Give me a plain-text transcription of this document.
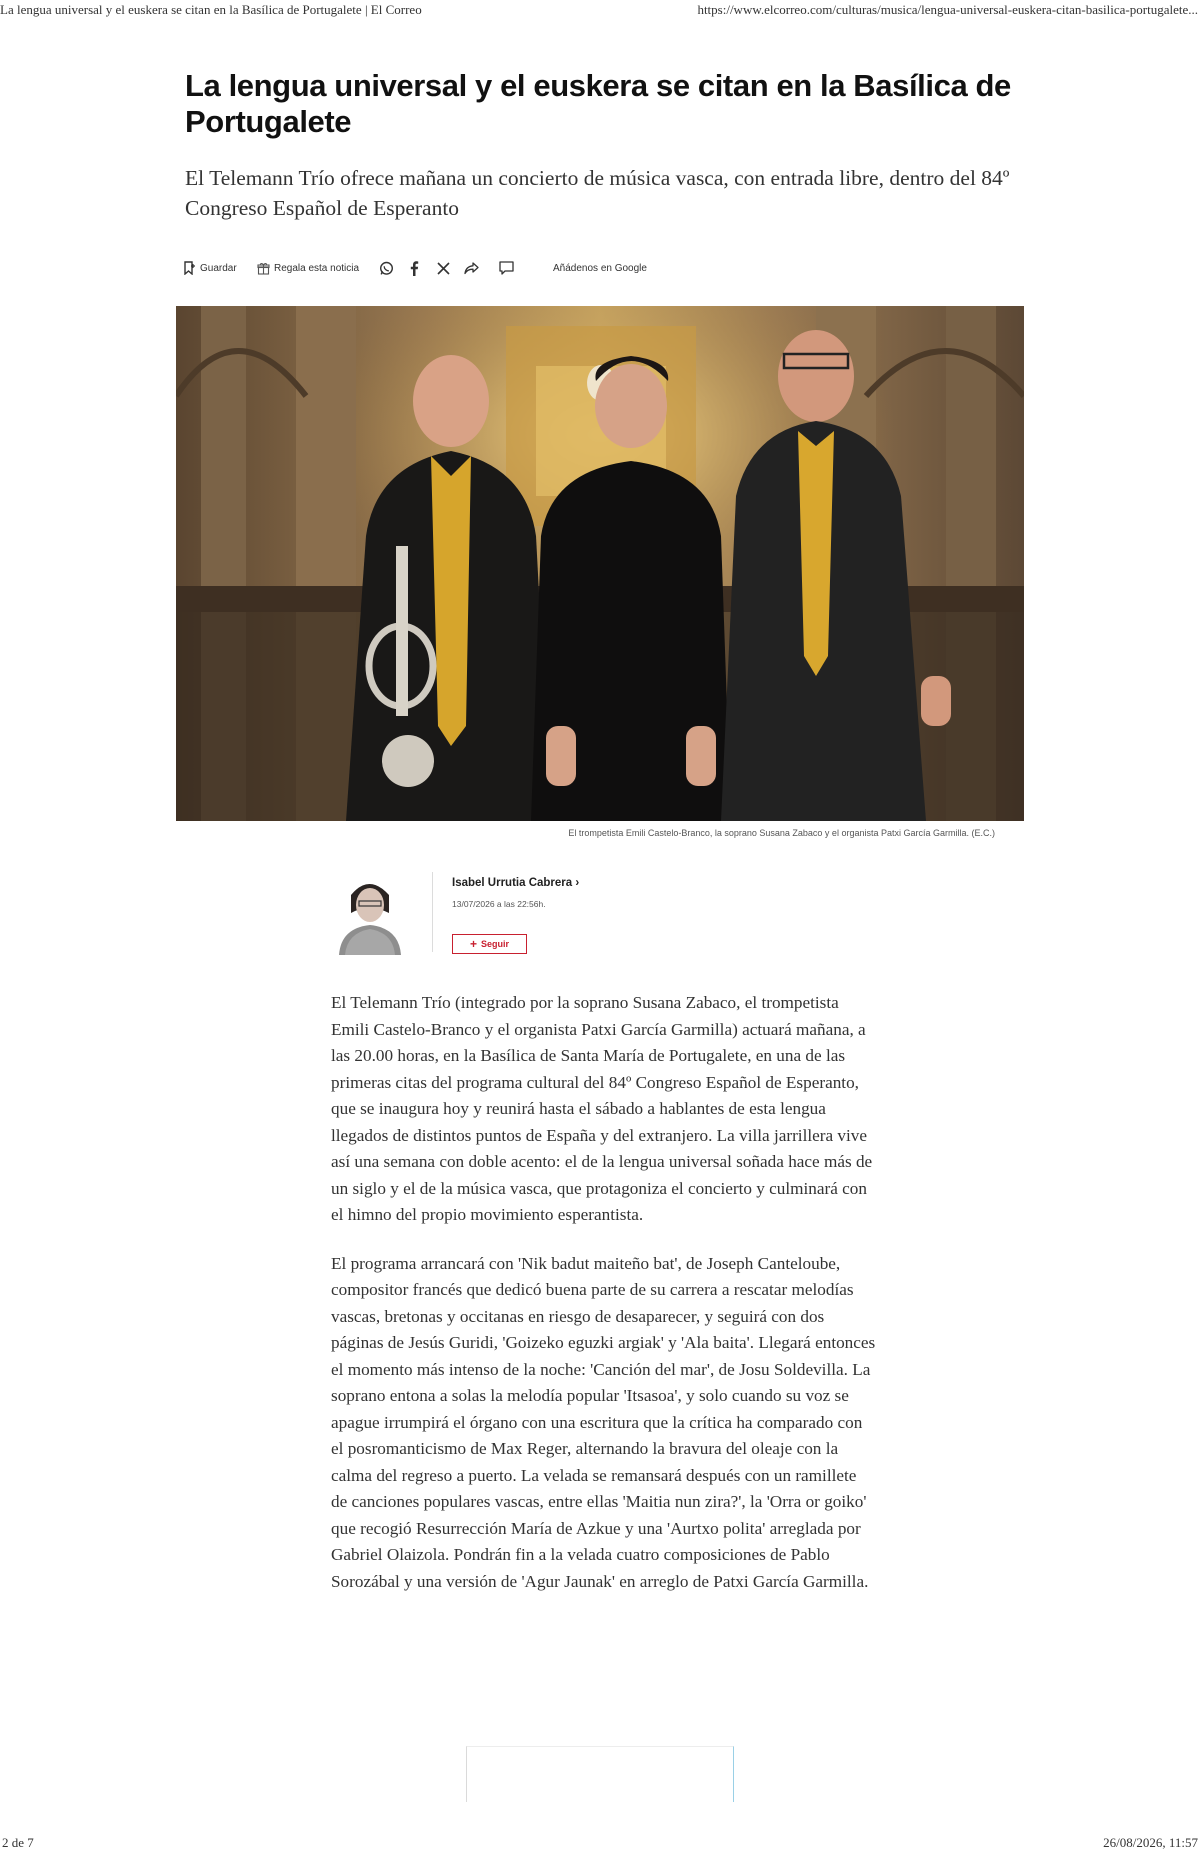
La lengua universal y el euskera se citan en la Basílica de Portugalete | El Correo	https://www.elcorreo.com/culturas/musica/lengua-universal-euskera-citan-basilica-portugalete...
La lengua universal y el euskera se citan en la Basílica de Portugalete

El Telemann Trío ofrece mañana un concierto de música vasca, con entrada libre, dentro del 84º Congreso Español de Esperanto

Guardar	Regala esta noticia	Añádenos en Google
El trompetista Emili Castelo-Branco, la soprano Susana Zabaco y el organista Patxi García Garmilla. (E.C.)
Isabel Urrutia Cabrera ›
13/07/2026 a las 22:56h.
+ Seguir

El Telemann Trío (integrado por la soprano Susana Zabaco, el trompetista Emili Castelo-Branco y el organista Patxi García Garmilla) actuará mañana, a las 20.00 horas, en la Basílica de Santa María de Portugalete, en una de las primeras citas del programa cultural del 84º Congreso Español de Esperanto, que se inaugura hoy y reunirá hasta el sábado a hablantes de esta lengua llegados de distintos puntos de España y del extranjero. La villa jarrillera vive así una semana con doble acento: el de la lengua universal soñada hace más de un siglo y el de la música vasca, que protagoniza el concierto y culminará con el himno del propio movimiento esperantista.

El programa arrancará con 'Nik badut maiteño bat', de Joseph Canteloube, compositor francés que dedicó buena parte de su carrera a rescatar melodías vascas, bretonas y occitanas en riesgo de desaparecer, y seguirá con dos páginas de Jesús Guridi, 'Goizeko eguzki argiak' y 'Ala baita'. Llegará entonces el momento más intenso de la noche: 'Canción del mar', de Josu Soldevilla. La soprano entona a solas la melodía popular 'Itsasoa', y solo cuando su voz se apague irrumpirá el órgano con una escritura que la crítica ha comparado con el posromanticismo de Max Reger, alternando la bravura del oleaje con la calma del regreso a puerto. La velada se remansará después con un ramillete de canciones populares vascas, entre ellas 'Maitia nun zira?', la 'Orra or goiko' que recogió Resurrección María de Azkue y una 'Aurtxo polita' arreglada por Gabriel Olaizola. Pondrán fin a la velada cuatro composiciones de Pablo Sorozábal y una versión de 'Agur Jaunak' en arreglo de Patxi García Garmilla.

2 de 7	26/08/2026, 11:57
